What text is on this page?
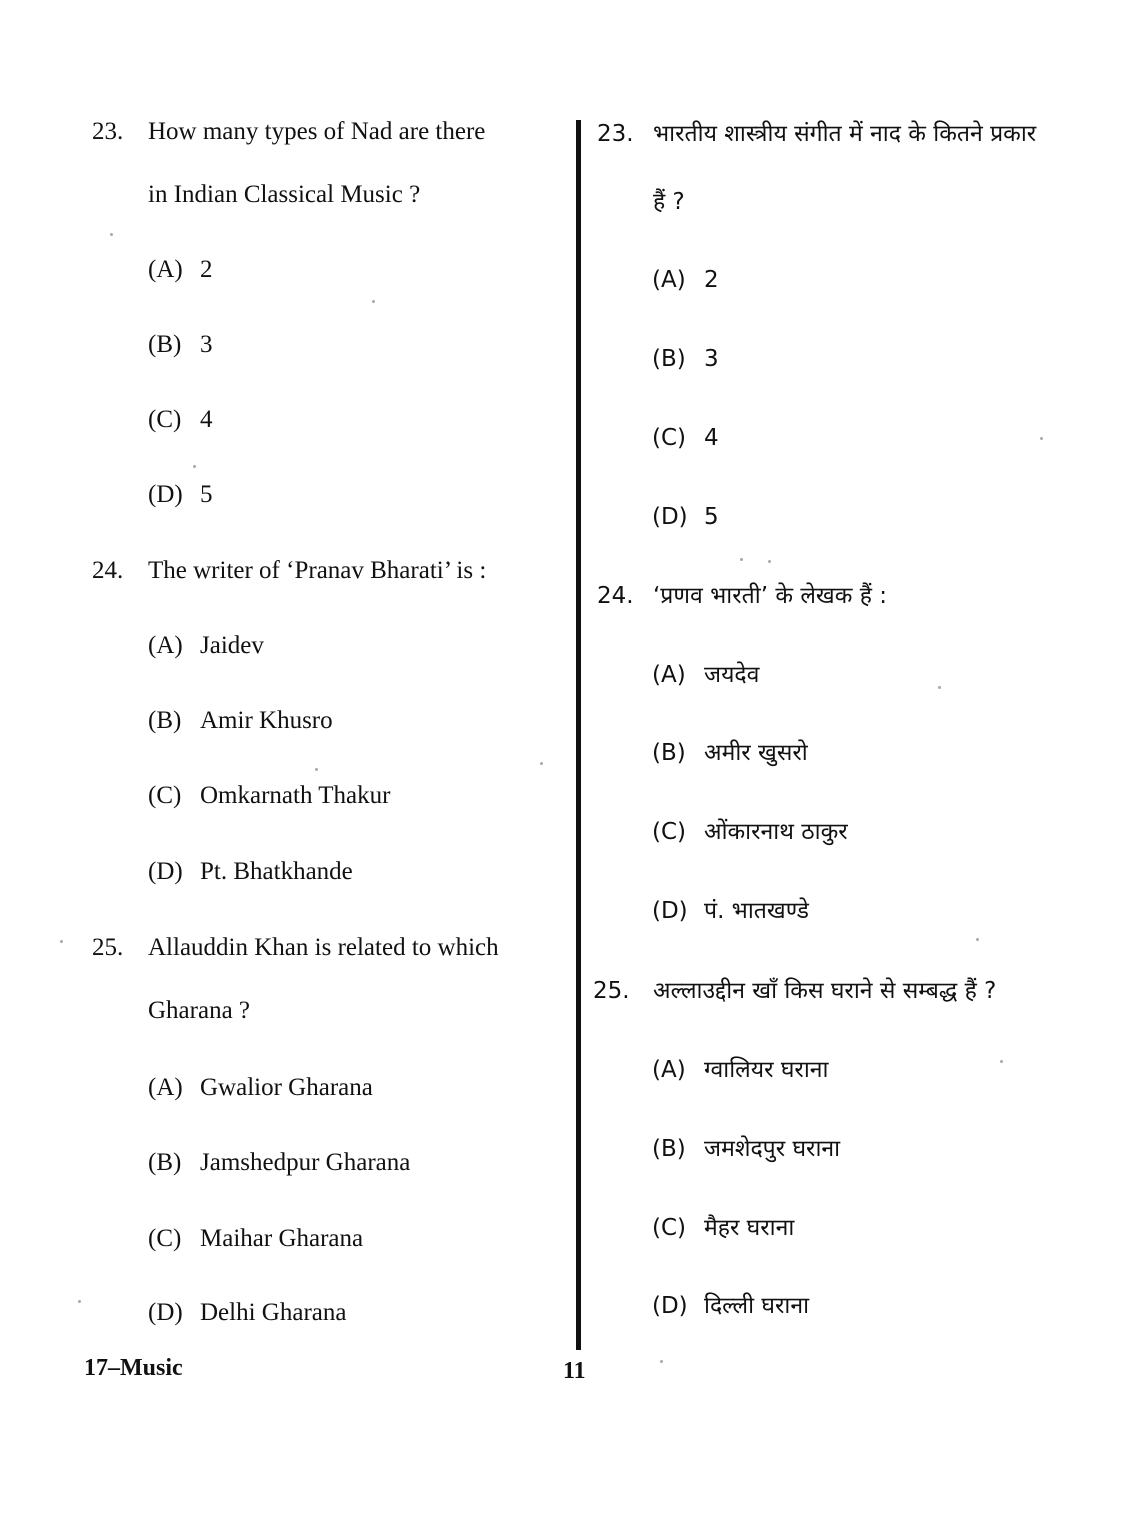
23. How many types of Nad are there
in Indian Classical Music ?
(A) 2
(B) 3
(C) 4
(D) 5
24. The writer of ‘Pranav Bharati’ is :
(A) Jaidev
(B) Amir Khusro
(C) Omkarnath Thakur
(D) Pt. Bhatkhande
25. Allauddin Khan is related to which
Gharana ?
(A) Gwalior Gharana
(B) Jamshedpur Gharana
(C) Maihar Gharana
(D) Delhi Gharana
23. भारतीय शास्त्रीय संगीत में नाद के कितने प्रकार
हैं ?
(A) 2
(B) 3
(C) 4
(D) 5
24. ‘प्रणव भारती’ के लेखक हैं :
(A) जयदेव
(B) अमीर खुसरो
(C) ओंकारनाथ ठाकुर
(D) पं. भातखण्डे
25. अल्लाउद्दीन खाँ किस घराने से सम्बद्ध हैं ?
(A) ग्वालियर घराना
(B) जमशेदपुर घराना
(C) मैहर घराना
(D) दिल्ली घराना
17–Music	11
